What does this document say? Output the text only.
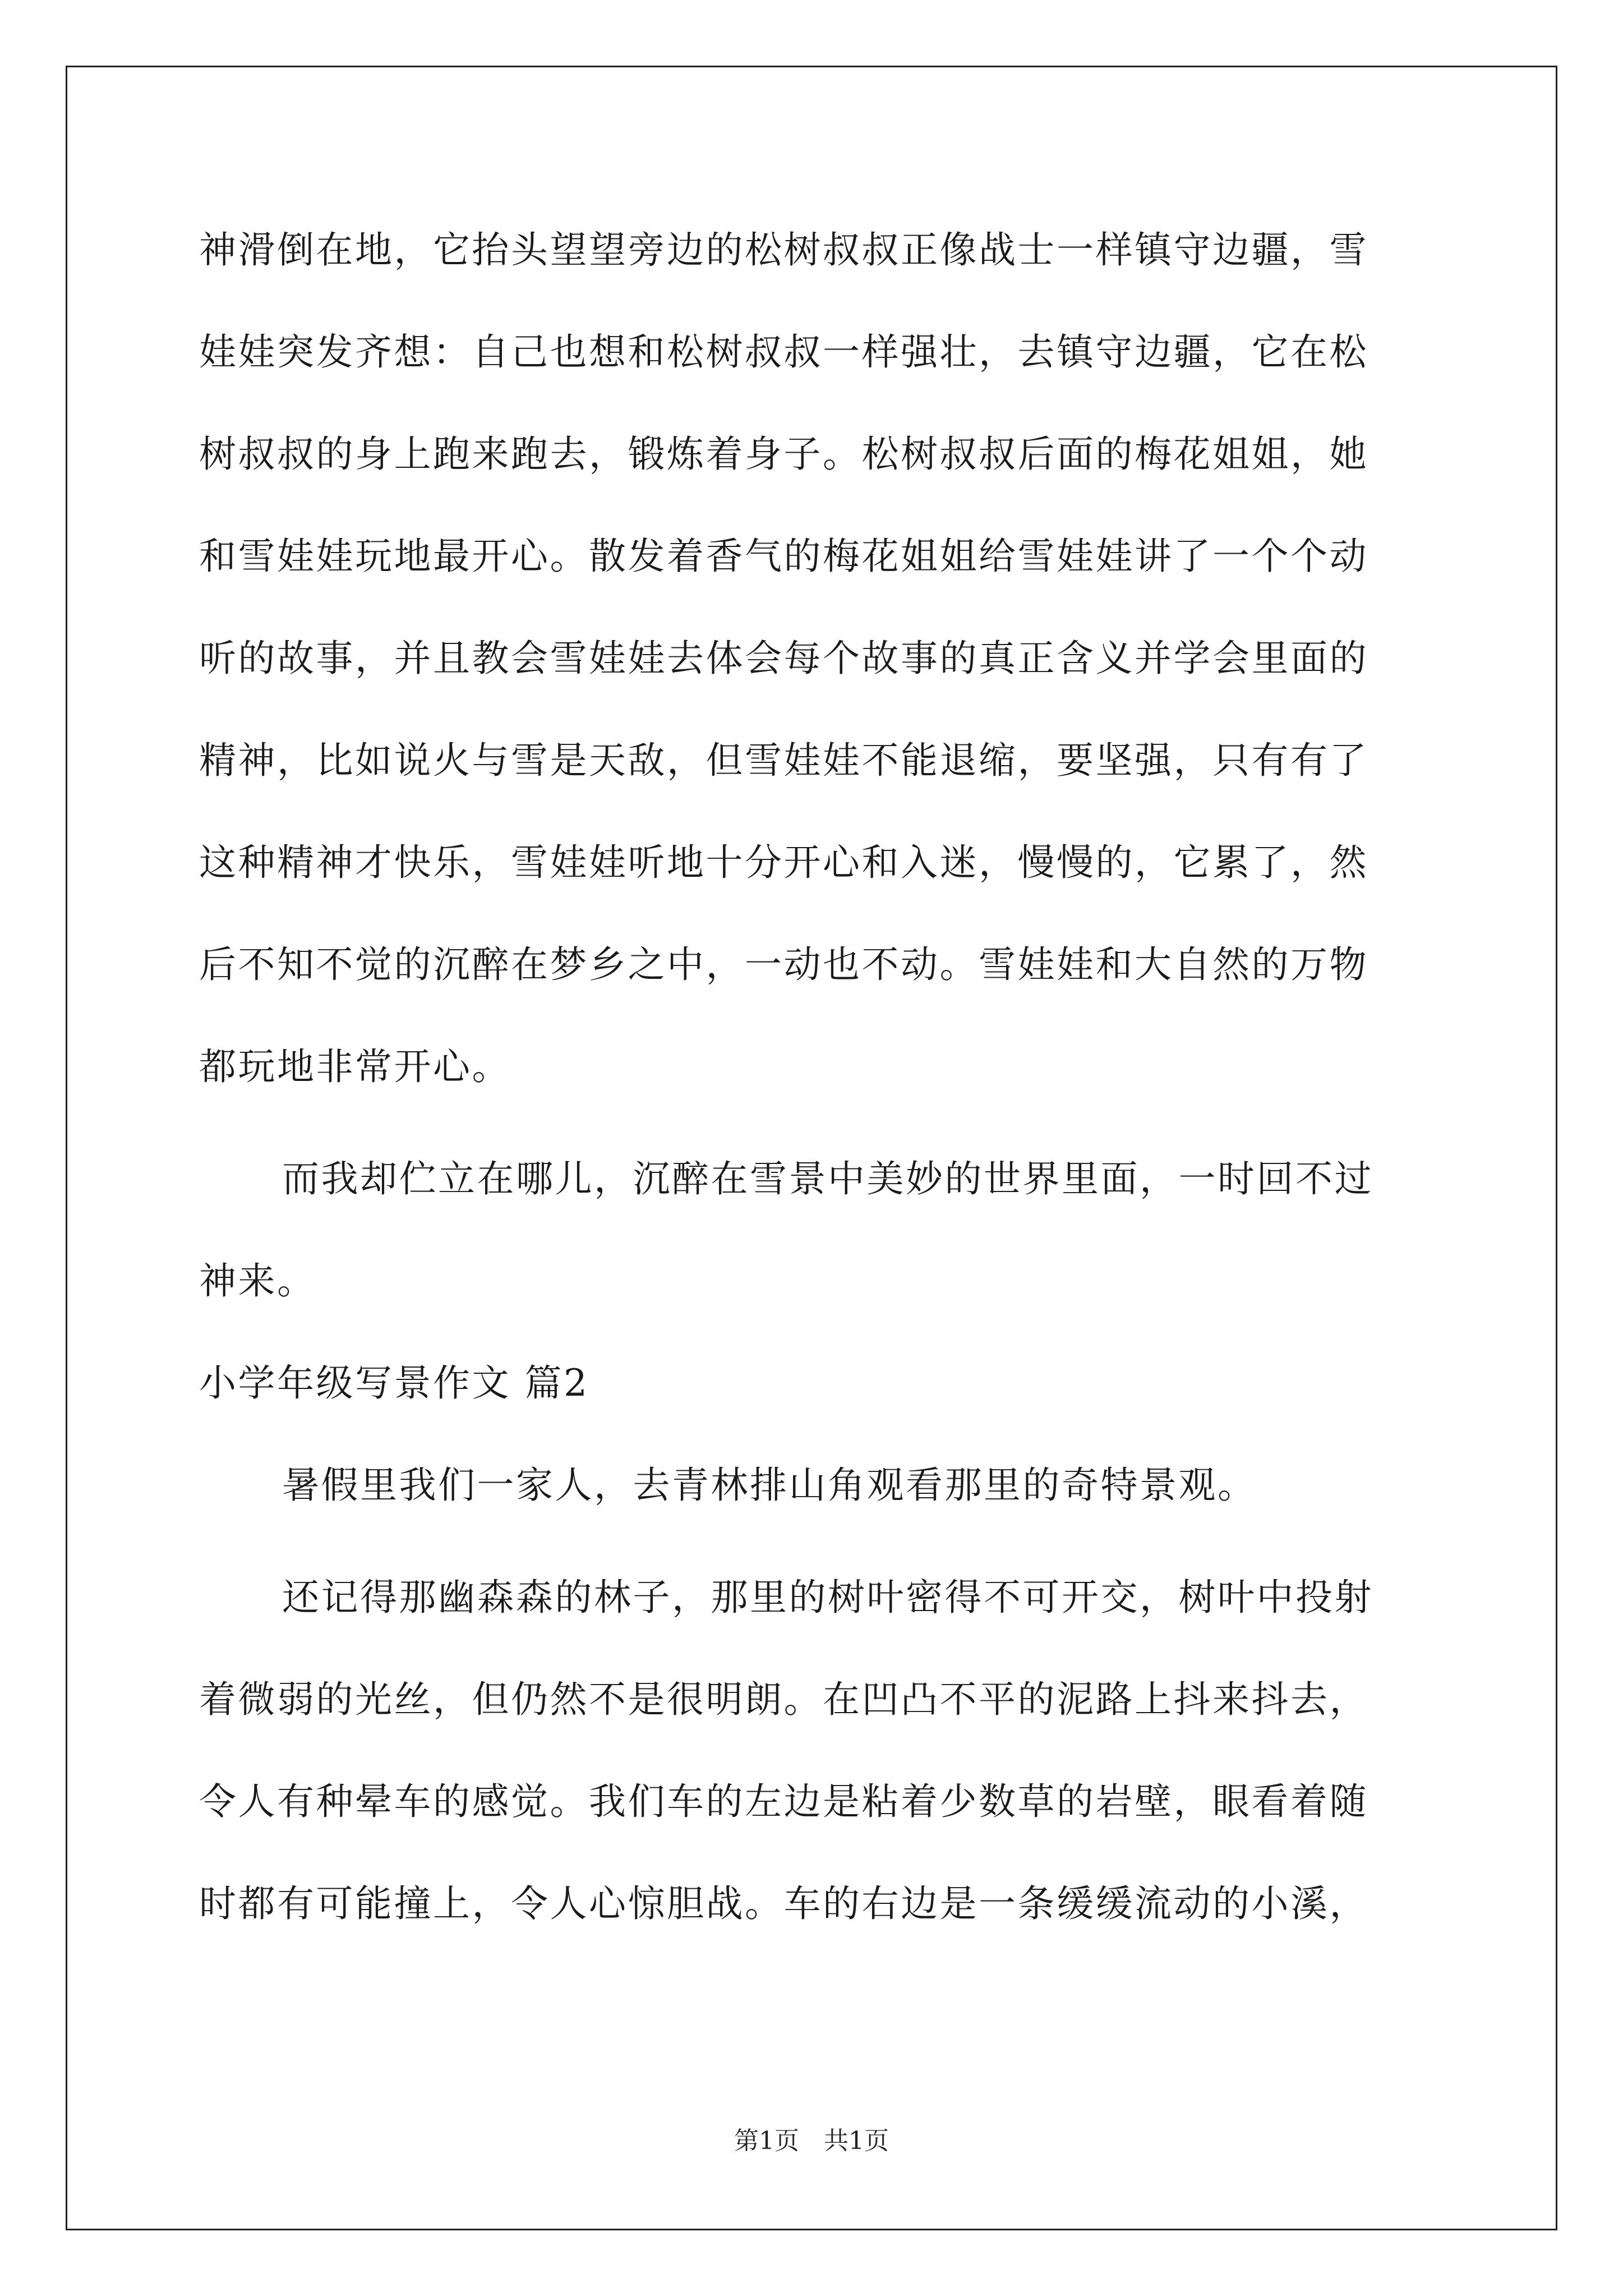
神滑倒在地，它抬头望望旁边的松树叔叔正像战士一样镇守边疆，雪
娃娃突发齐想：自己也想和松树叔叔一样强壮，去镇守边疆，它在松
树叔叔的身上跑来跑去，锻炼着身子。松树叔叔后面的梅花姐姐，她
和雪娃娃玩地最开心。散发着香气的梅花姐姐给雪娃娃讲了一个个动
听的故事，并且教会雪娃娃去体会每个故事的真正含义并学会里面的
精神，比如说火与雪是天敌，但雪娃娃不能退缩，要坚强，只有有了
这种精神才快乐，雪娃娃听地十分开心和入迷，慢慢的，它累了，然
后不知不觉的沉醉在梦乡之中，一动也不动。雪娃娃和大自然的万物
都玩地非常开心。
而我却伫立在哪儿，沉醉在雪景中美妙的世界里面，一时回不过
神来。
小学年级写景作文 篇2
暑假里我们一家人，去青林排山角观看那里的奇特景观。
还记得那幽森森的林子，那里的树叶密得不可开交，树叶中投射
着微弱的光丝，但仍然不是很明朗。在凹凸不平的泥路上抖来抖去，
令人有种晕车的感觉。我们车的左边是粘着少数草的岩壁，眼看着随
时都有可能撞上，令人心惊胆战。车的右边是一条缓缓流动的小溪，
第1页　共1页
